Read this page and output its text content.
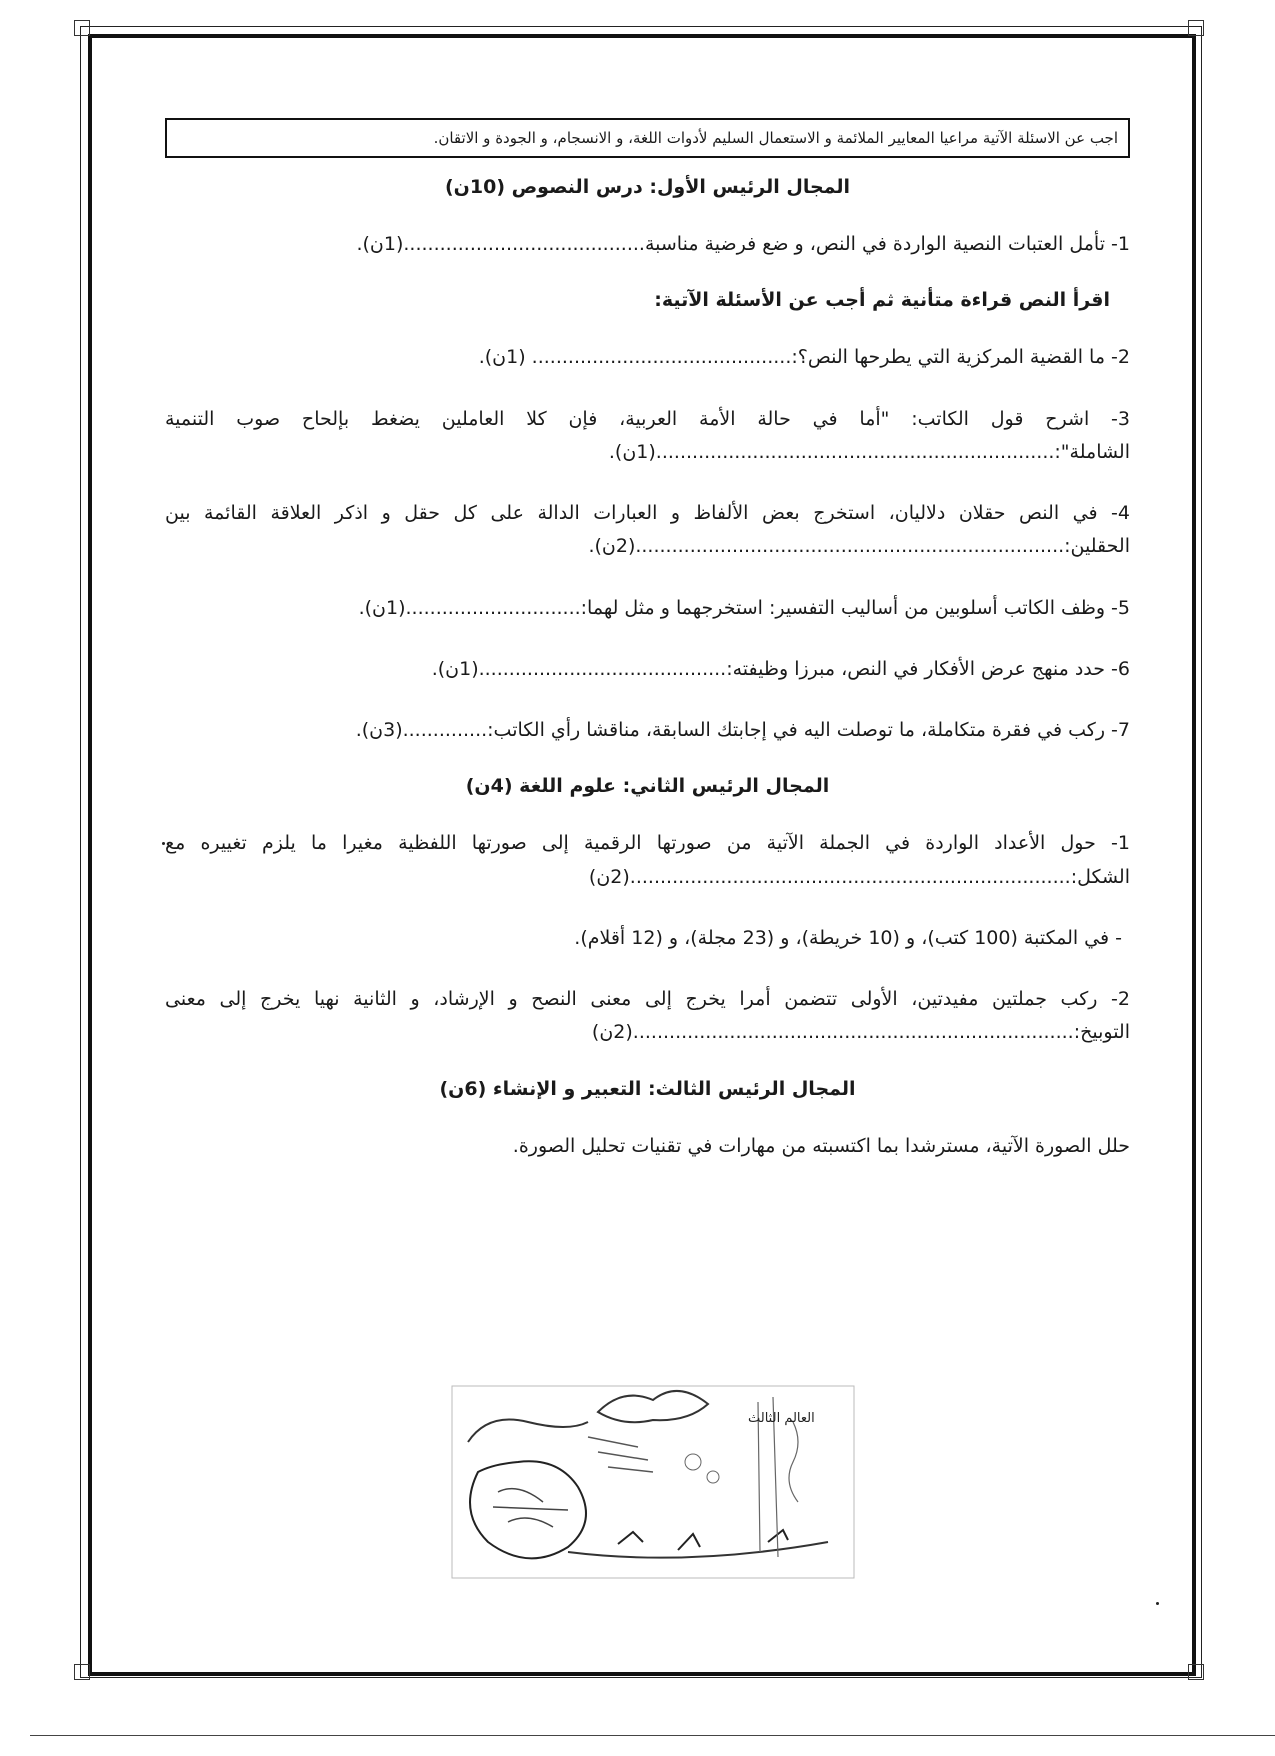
اجب عن الاسئلة الآتية مراعيا المعايير الملائمة و الاستعمال السليم لأدوات اللغة، و الانسجام، و الجودة و الاتقان.
المجال الرئيس الأول: درس النصوص (10ن)

1- تأمل العتبات النصية الواردة في النص، و ضع فرضية مناسبة........................................(1ن).

اقرأ النص قراءة متأنية ثم أجب عن الأسئلة الآتية:

2- ما القضية المركزية التي يطرحها النص؟:........................................... (1ن).

3- اشرح قول الكاتب: "أما في حالة الأمة العربية، فإن كلا العاملين يضغط بإلحاح صوب التنمية الشاملة":..................................................................(1ن).

4- في النص حقلان دلاليان، استخرج بعض الألفاظ و العبارات الدالة على كل حقل و اذكر العلاقة القائمة بين الحقلين:.......................................................................(2ن).

5- وظف الكاتب أسلوبين من أساليب التفسير: استخرجهما و مثل لهما:.............................(1ن).

6- حدد منهج عرض الأفكار في النص، مبرزا وظيفته:.........................................(1ن).

7- ركب في فقرة متكاملة، ما توصلت اليه في إجابتك السابقة، مناقشا رأي الكاتب:..............(3ن).

المجال الرئيس الثاني: علوم اللغة (4ن)

1- حول الأعداد الواردة في الجملة الآتية من صورتها الرقمية إلى صورتها اللفظية مغيرا ما يلزم تغييره مع الشكل:.........................................................................(2ن)

- في المكتبة (100 كتب)، و (10 خريطة)، و (23 مجلة)، و (12 أقلام).

2- ركب جملتين مفيدتين، الأولى تتضمن أمرا يخرج إلى معنى النصح و الإرشاد، و الثانية نهيا يخرج إلى معنى التوبيخ:.........................................................................(2ن)

المجال الرئيس الثالث: التعبير و الإنشاء (6ن)

حلل الصورة الآتية، مسترشدا بما اكتسبته من مهارات في تقنيات تحليل الصورة.

العالم الثالث
